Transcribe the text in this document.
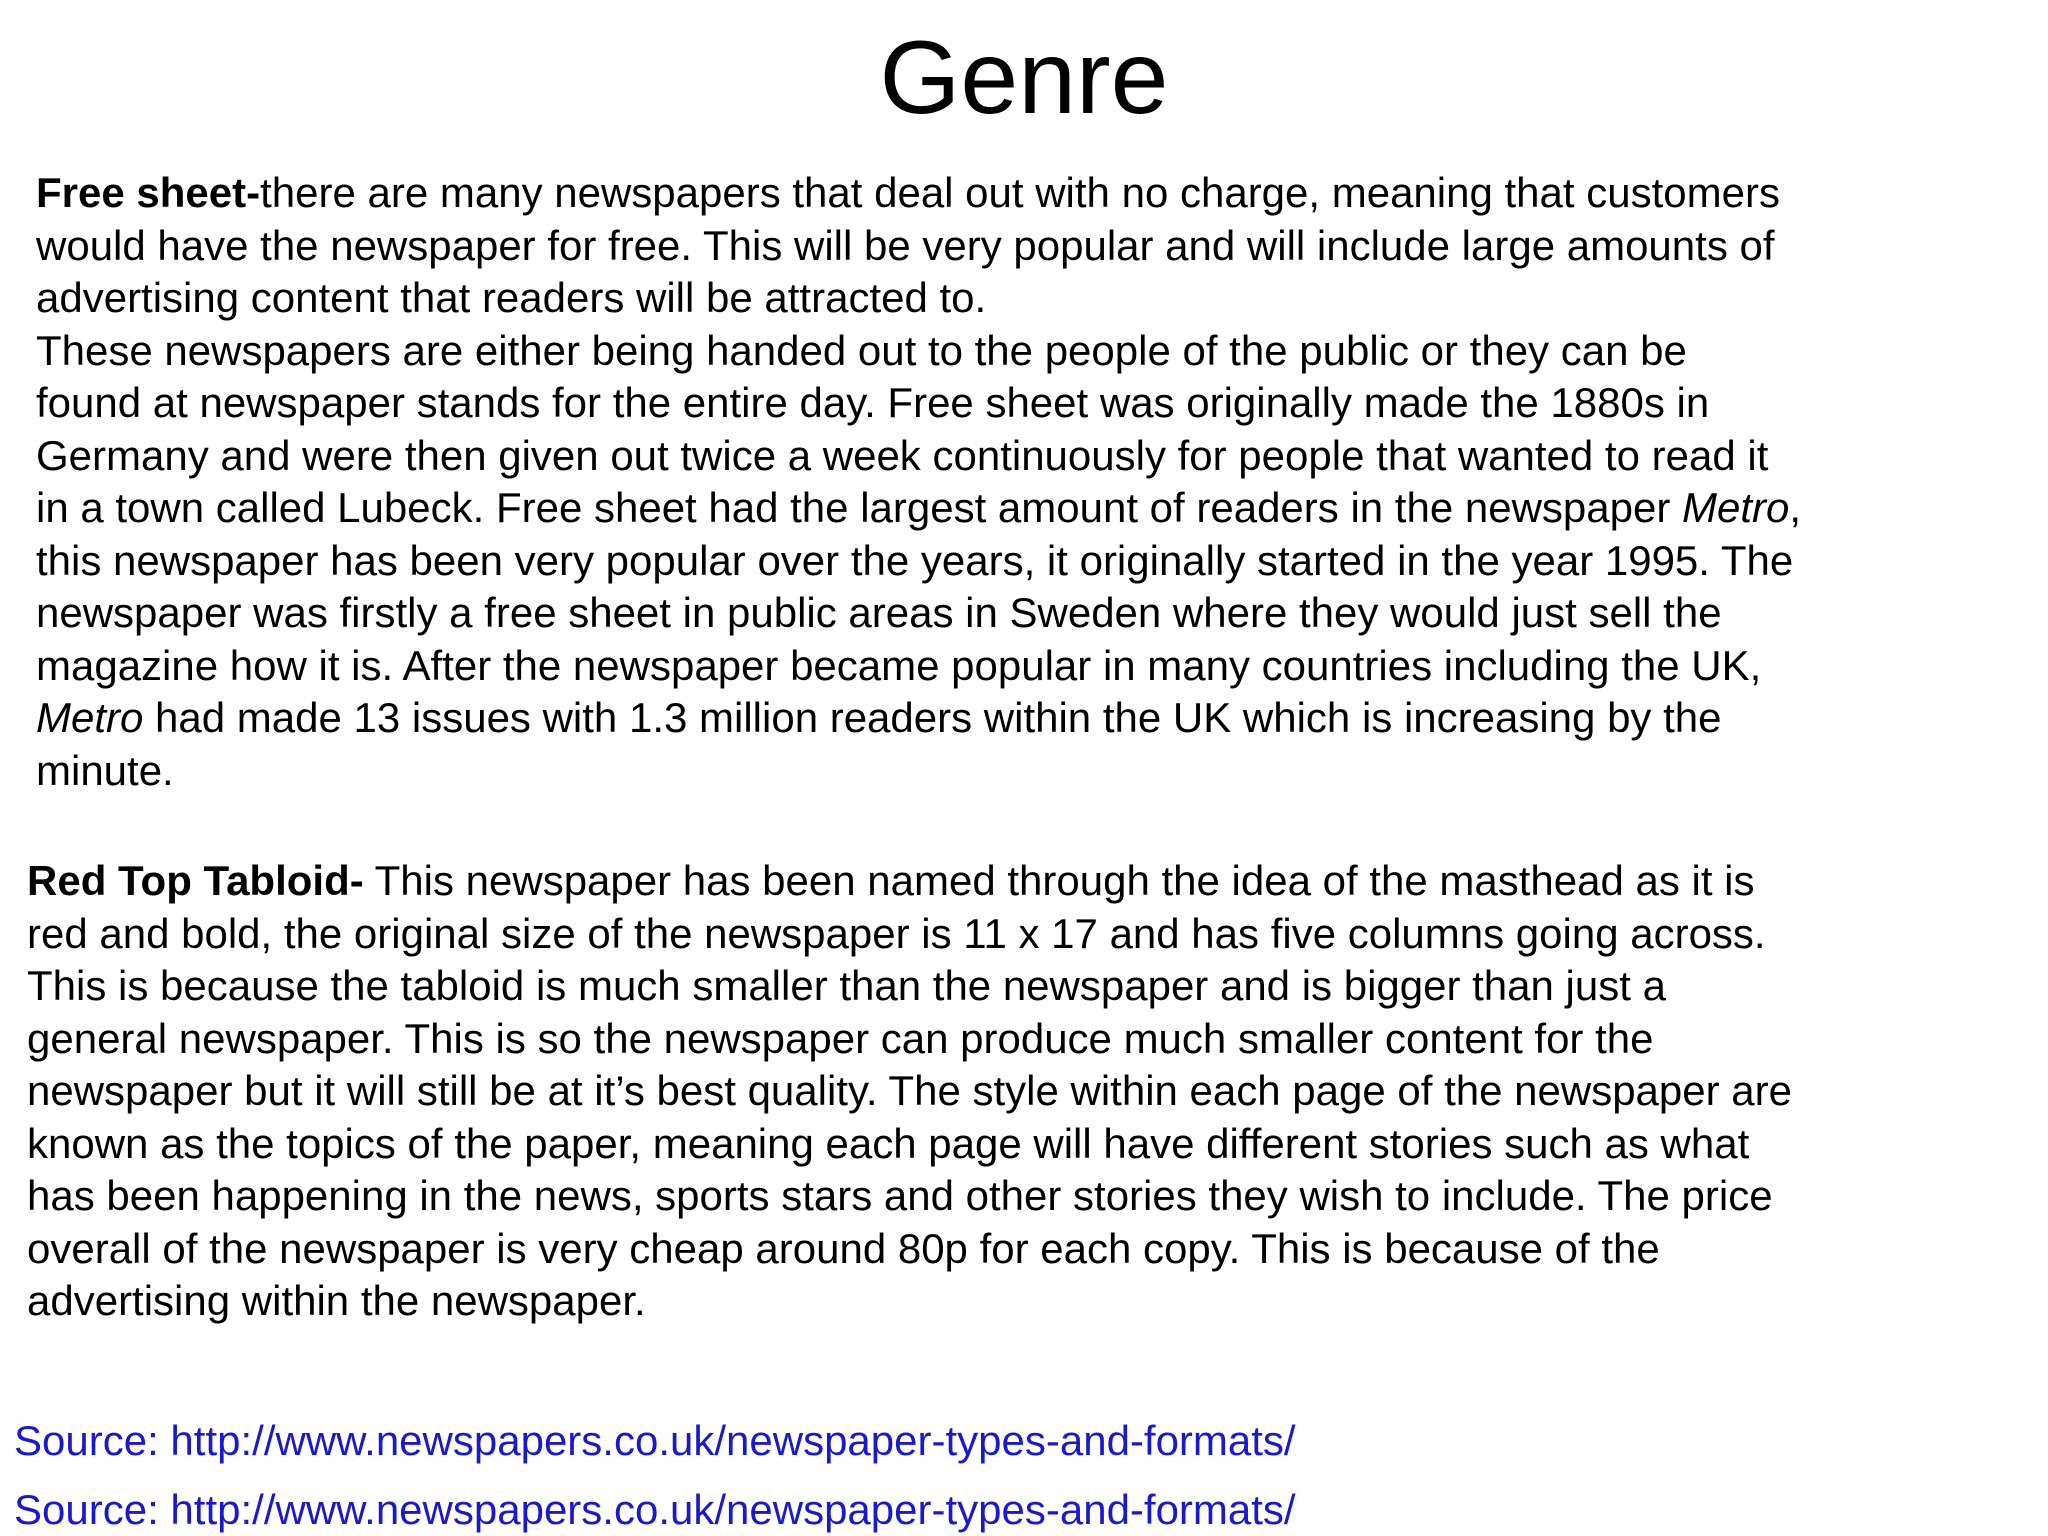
Genre

Free sheet-there are many newspapers that deal out with no charge, meaning that customers
would have the newspaper for free. This will be very popular and will include large amounts of
advertising content that readers will be attracted to.
These newspapers are either being handed out to the people of the public or they can be
found at newspaper stands for the entire day. Free sheet was originally made the 1880s in
Germany and were then given out twice a week continuously for people that wanted to read it
in a town called Lubeck. Free sheet had the largest amount of readers in the newspaper Metro,
this newspaper has been very popular over the years, it originally started in the year 1995. The
newspaper was firstly a free sheet in public areas in Sweden where they would just sell the
magazine how it is. After the newspaper became popular in many countries including the UK,
Metro had made 13 issues with 1.3 million readers within the UK which is increasing by the
minute.

Red Top Tabloid- This newspaper has been named through the idea of the masthead as it is
red and bold, the original size of the newspaper is 11 x 17 and has five columns going across.
This is because the tabloid is much smaller than the newspaper and is bigger than just a
general newspaper. This is so the newspaper can produce much smaller content for the
newspaper but it will still be at it’s best quality. The style within each page of the newspaper are
known as the topics of the paper, meaning each page will have different stories such as what
has been happening in the news, sports stars and other stories they wish to include. The price
overall of the newspaper is very cheap around 80p for each copy. This is because of the
advertising within the newspaper.

Source: http://www.newspapers.co.uk/newspaper-types-and-formats/
Source: http://www.newspapers.co.uk/newspaper-types-and-formats/
